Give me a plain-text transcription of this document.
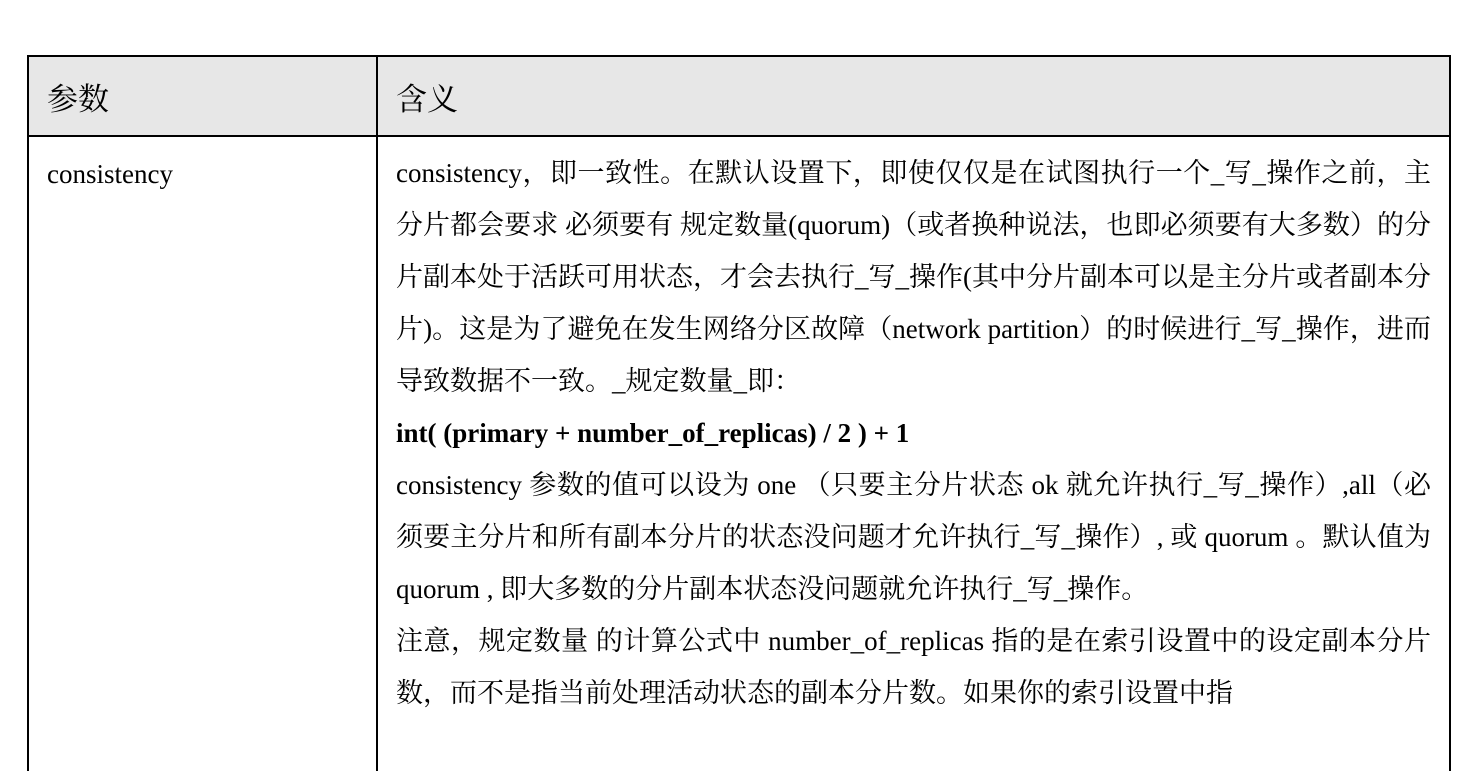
参数	含义
consistency	consistency，即一致性。在默认设置下，即使仅仅是在试图执行一个_写_操作之前，主分片都会要求 必须要有 规定数量(quorum)（或者换种说法，也即必须要有大多数）的分片副本处于活跃可用状态，才会去执行_写_操作(其中分片副本可以是主分片或者副本分片)。这是为了避免在发生网络分区故障（network partition）的时候进行_写_操作，进而导致数据不一致。_规定数量_即：

int( (primary + number_of_replicas) / 2 ) + 1

consistency 参数的值可以设为 one （只要主分片状态 ok 就允许执行_写_操作）,all（必须要主分片和所有副本分片的状态没问题才允许执行_写_操作）, 或 quorum 。默认值为 quorum , 即大多数的分片副本状态没问题就允许执行_写_操作。

注意，规定数量 的计算公式中 number_of_replicas 指的是在索引设置中的设定副本分片数，而不是指当前处理活动状态的副本分片数。如果你的索引设置中指
